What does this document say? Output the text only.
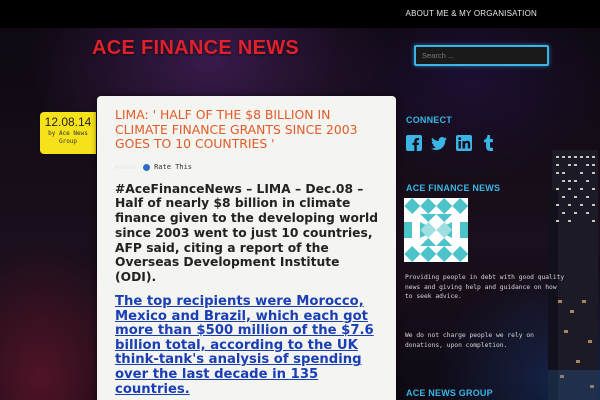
ABOUT ME & MY ORGANISATION
ACE FINANCE NEWS
Search ...
12.08.14
by Ace News Group
LIMA: ' HALF OF THE $8 BILLION IN CLIMATE FINANCE GRANTS SINCE 2003 GOES TO 10 COUNTRIES '
☆☆☆☆☆	Rate This

#AceFinanceNews – LIMA – Dec.08 – Half of nearly $8 billion in climate finance given to the developing world since 2003 went to just 10 countries, AFP said, citing a report of the Overseas Development Institute (ODI).

The top recipients were Morocco, Mexico and Brazil, which each got more than $500 million of the $7.6 billion total, according to the UK think-tank's analysis of spending over the last decade in 135 countries.

CONNECT
ACE FINANCE NEWS

Providing people in debt with good quality news and giving help and guidance on how to seek advice.

We do not charge people we rely on donations, upon completion.

ACE NEWS GROUP
